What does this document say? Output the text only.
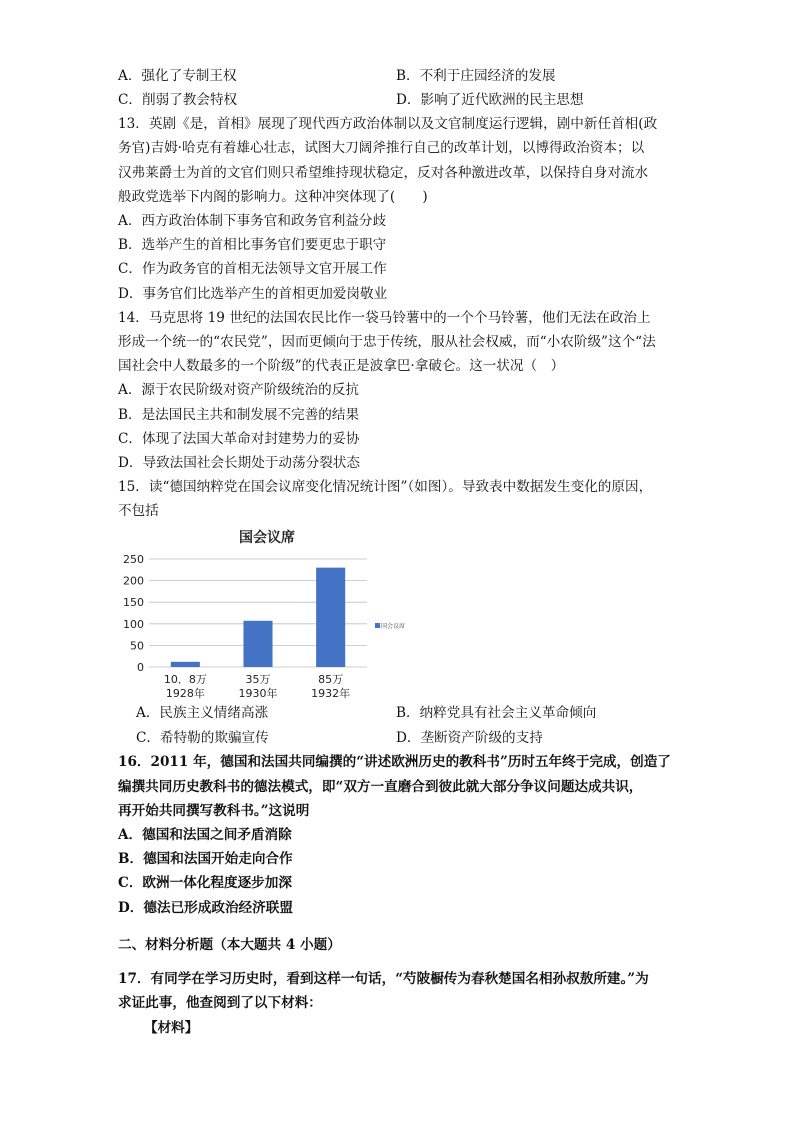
A．强化了专制王权	B．不利于庄园经济的发展
C．削弱了教会特权	D．影响了近代欧洲的民主思想
13．英剧《是，首相》展现了现代西方政治体制以及文官制度运行逻辑，剧中新任首相(政
务官)吉姆·哈克有着雄心壮志，试图大刀阔斧推行自己的改革计划，以博得政治资本；以
汉弗莱爵士为首的文官们则只希望维持现状稳定，反对各种激进改革，以保持自身对流水
般政党选举下内阁的影响力。这种冲突体现了(　　)
A．西方政治体制下事务官和政务官利益分歧
B．选举产生的首相比事务官们要更忠于职守
C．作为政务官的首相无法领导文官开展工作
D．事务官们比选举产生的首相更加爱岗敬业
14．马克思将 19 世纪的法国农民比作一袋马铃薯中的一个个马铃薯，他们无法在政治上
形成一个统一的“农民党”，因而更倾向于忠于传统，服从社会权威，而“小农阶级”这个“法
国社会中人数最多的一个阶级”的代表正是波拿巴·拿破仑。这一状况（　）
A．源于农民阶级对资产阶级统治的反抗
B．是法国民主共和制发展不完善的结果
C．体现了法国大革命对封建势力的妥协
D．导致法国社会长期处于动荡分裂状态
15．读“德国纳粹党在国会议席变化情况统计图”（如图）。导致表中数据发生变化的原因，
不包括
国会议席
0
50
100
150
200
250
10．8万
1928年
35万
1930年
85万
1932年
国会议席
A．民族主义情绪高涨	B．纳粹党具有社会主义革命倾向
C．希特勒的欺骗宣传	D．垄断资产阶级的支持
16．2011 年，德国和法国共同编撰的“讲述欧洲历史的教科书”历时五年终于完成，创造了
编撰共同历史教科书的德法模式，即“双方一直磨合到彼此就大部分争议问题达成共识，
再开始共同撰写教科书。”这说明
A．德国和法国之间矛盾消除
B．德国和法国开始走向合作
C．欧洲一体化程度逐步加深
D．德法已形成政治经济联盟
二、材料分析题（本大题共 4 小题）
17．有同学在学习历史时，看到这样一句话，“芍陂橱传为春秋楚国名相孙叔敖所建。”为
求证此事，他查阅到了以下材料：
【材料】
